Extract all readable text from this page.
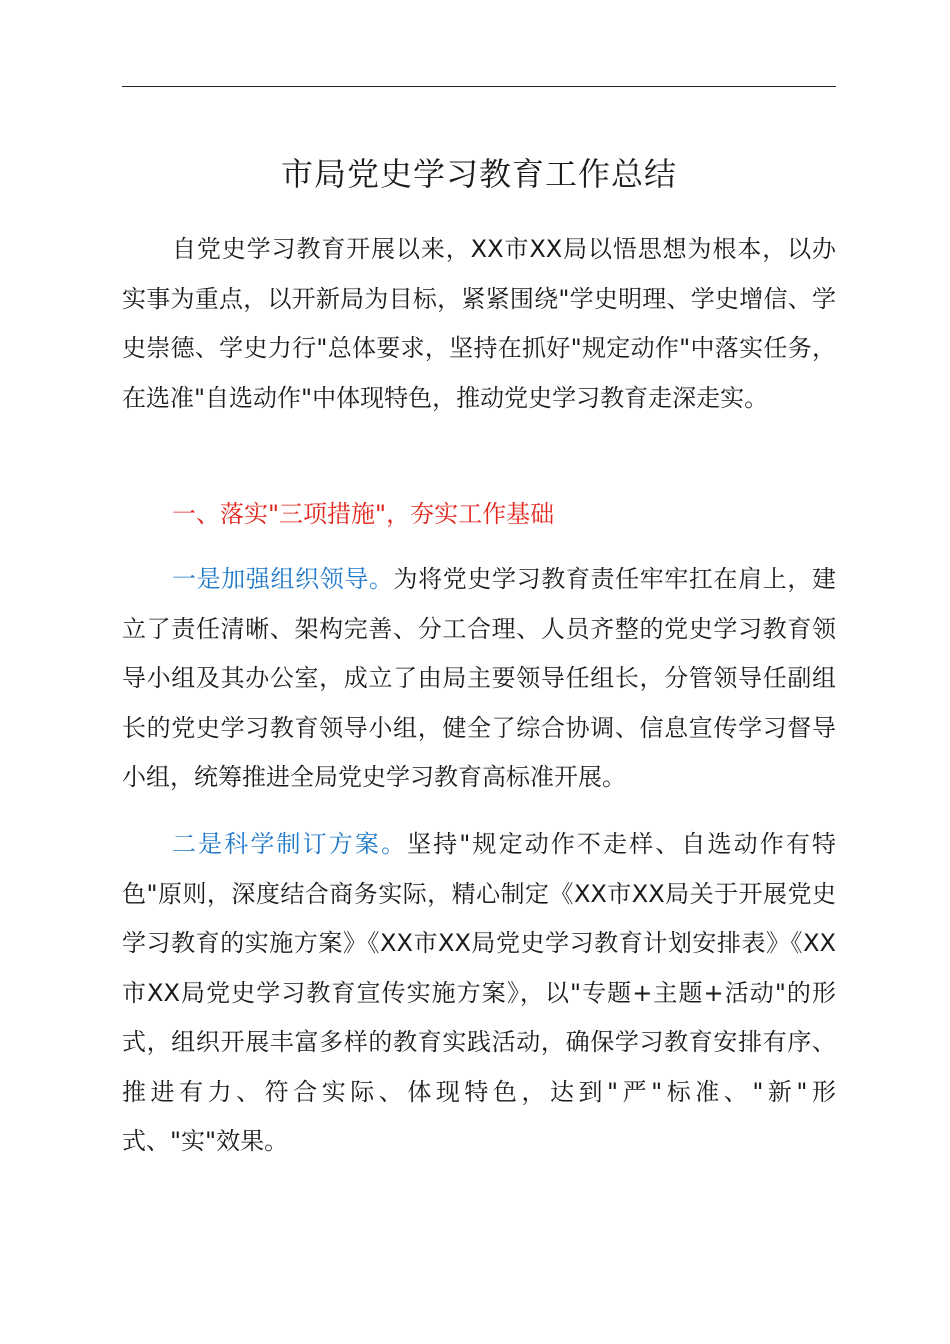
市局党史学习教育工作总结

自党史学习教育开展以来，XX市XX局以悟思想为根本，以办实事为重点，以开新局为目标，紧紧围绕"学史明理、学史增信、学史崇德、学史力行"总体要求，坚持在抓好"规定动作"中落实任务，在选准"自选动作"中体现特色，推动党史学习教育走深走实。

一、落实"三项措施"，夯实工作基础

一是加强组织领导。为将党史学习教育责任牢牢扛在肩上，建立了责任清晰、架构完善、分工合理、人员齐整的党史学习教育领导小组及其办公室，成立了由局主要领导任组长，分管领导任副组长的党史学习教育领导小组，健全了综合协调、信息宣传学习督导小组，统筹推进全局党史学习教育高标准开展。

二是科学制订方案。坚持"规定动作不走样、自选动作有特色"原则，深度结合商务实际，精心制定《XX市XX局关于开展党史学习教育的实施方案》《XX市XX局党史学习教育计划安排表》《XX市XX局党史学习教育宣传实施方案》，以"专题+主题+活动"的形式，组织开展丰富多样的教育实践活动，确保学习教育安排有序、推进有力、符合实际、体现特色，达到"严"标准、"新"形式、"实"效果。
